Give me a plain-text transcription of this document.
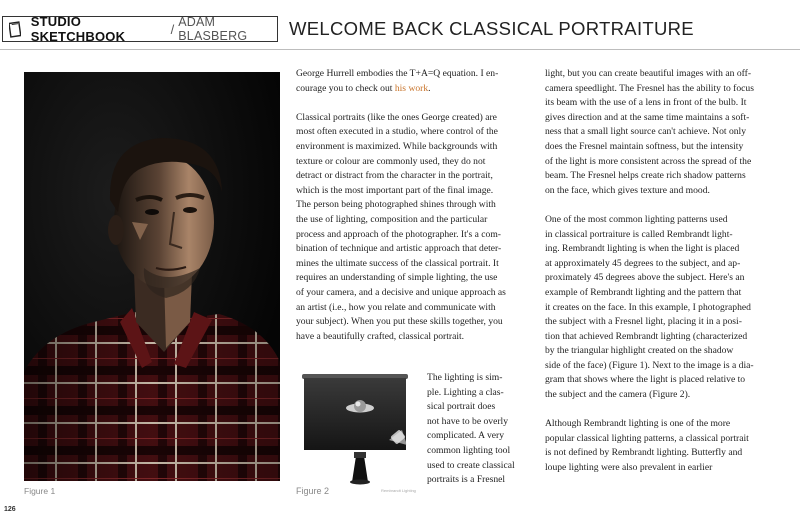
STUDIO SKETCHBOOK	/ ADAM BLASBERG	WELCOME BACK CLASSICAL PORTRAITURE
Figure 1
George Hurrell embodies the T+A=Q equation. I en-
courage you to check out his work.
Classical portraits (like the ones George created) are
most often executed in a studio, where control of the
environment is maximized. While backgrounds with
texture or colour are commonly used, they do not
detract or distract from the character in the portrait,
which is the most important part of the final image.
The person being photographed shines through with
the use of lighting, composition and the particular
process and approach of the photographer. It's a com-
bination of technique and artistic approach that deter-
mines the ultimate success of the classical portrait. It
requires an understanding of simple lighting, the use
of your camera, and a decisive and unique approach as
an artist (i.e., how you relate and communicate with
your subject). When you put these skills together, you
have a beautifully crafted, classical portrait.
Figure 2	Rembrandt Lighting
The lighting is sim-
ple. Lighting a clas-
sical portrait does
not have to be overly
complicated. A very
common lighting tool
used to create classical
portraits is a Fresnel
light, but you can create beautiful images with an off-
camera speedlight. The Fresnel has the ability to focus
its beam with the use of a lens in front of the bulb. It
gives direction and at the same time maintains a soft-
ness that a small light source can't achieve. Not only
does the Fresnel maintain softness, but the intensity
of the light is more consistent across the spread of the
beam. The Fresnel helps create rich shadow patterns
on the face, which gives texture and mood.
One of the most common lighting patterns used
in classical portraiture is called Rembrandt light-
ing. Rembrandt lighting is when the light is placed
at approximately 45 degrees to the subject, and ap-
proximately 45 degrees above the subject. Here's an
example of Rembrandt lighting and the pattern that
it creates on the face. In this example, I photographed
the subject with a Fresnel light, placing it in a posi-
tion that achieved Rembrandt lighting (characterized
by the triangular highlight created on the shadow
side of the face) (Figure 1). Next to the image is a dia-
gram that shows where the light is placed relative to
the subject and the camera (Figure 2).
Although Rembrandt lighting is one of the more
popular classical lighting patterns, a classical portrait
is not defined by Rembrandt lighting. Butterfly and
loupe lighting were also prevalent in earlier
126
